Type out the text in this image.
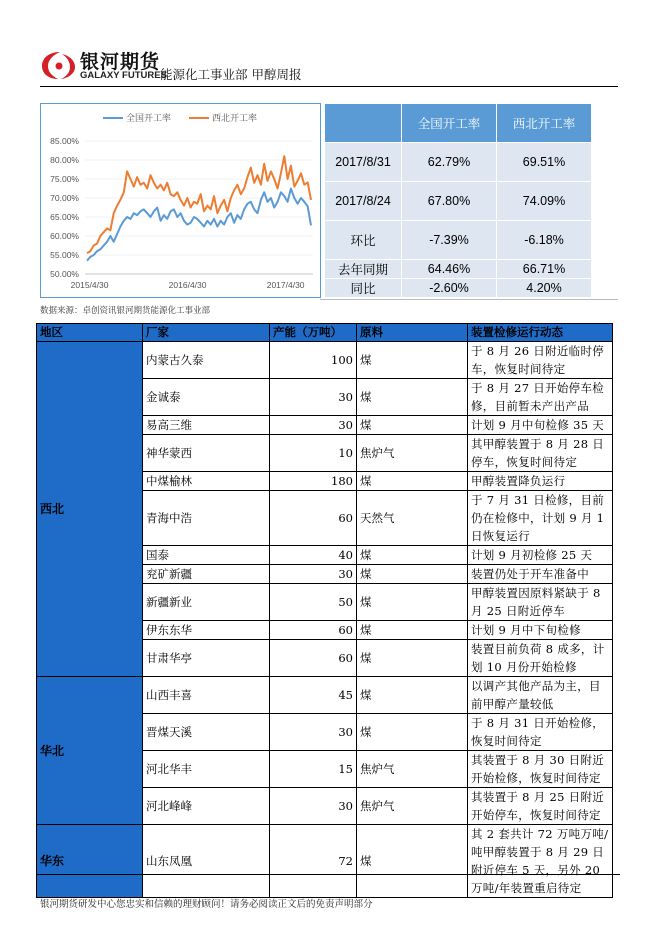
银河期货
GALAXY FUTURES
能源化工事业部 甲醇周报
全国开工率	西北开工率
85.00%
80.00%
75.00%
70.00%
65.00%
60.00%
55.00%
50.00%
2015/4/30	2016/4/30	2017/4/30
	全国开工率	西北开工率
2017/8/31	62.79%	69.51%
2017/8/24	67.80%	74.09%
环比	-7.39%	-6.18%
去年同期	64.46%	66.71%
同比	-2.60%	4.20%
数据来源：卓创资讯银河期货能源化工事业部
地区	厂家	产能（万吨）	原料	装置检修运行动态
西北	内蒙古久泰	100	煤	于 8 月 26 日附近临时停车，恢复时间待定
	金诚泰	30	煤	于 8 月 27 日开始停车检修，目前暂未产出产品
	易高三维	30	煤	计划 9 月中旬检修 35 天
	神华蒙西	10	焦炉气	其甲醇装置于 8 月 28 日停车，恢复时间待定
	中煤榆林	180	煤	甲醇装置降负运行
	青海中浩	60	天然气	于 7 月 31 日检修，目前仍在检修中，计划 9 月 1 日恢复运行
	国泰	40	煤	计划 9 月初检修 25 天
	兖矿新疆	30	煤	装置仍处于开车准备中
	新疆新业	50	煤	甲醇装置因原料紧缺于 8 月 25 日附近停车
	伊东东华	60	煤	计划 9 月中下旬检修
	甘肃华亭	60	煤	装置目前负荷 8 成多，计划 10 月份开始检修
华北	山西丰喜	45	煤	以调产其他产品为主，目前甲醇产量较低
	晋煤天溪	30	煤	于 8 月 31 日开始检修，恢复时间待定
	河北华丰	15	焦炉气	其装置于 8 月 30 日附近开始检修，恢复时间待定
	河北峰峰	30	焦炉气	其装置于 8 月 25 日附近开始停车，恢复时间待定
华东	山东凤凰	72	煤	其 2 套共计 72 万吨万吨/吨甲醇装置于 8 月 29 日附近停车 5 天，另外 20 万吨/年装置重启待定
银河期货研发中心您忠实和信赖的理财顾问！请务必阅读正文后的免责声明部分
